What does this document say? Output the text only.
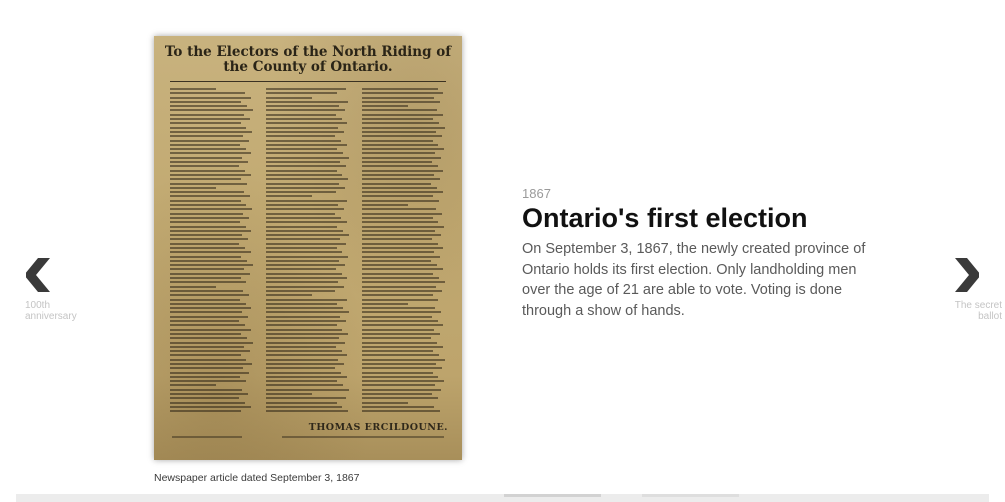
100th anniversary
To the Electors of the North Riding of the County of Ontario.
THOMAS ERCILDOUNE.
Newspaper article dated September 3, 1867
1867
Ontario's first election
On September 3, 1867, the newly created province of Ontario holds its first election. Only landholding men over the age of 21 are able to vote. Voting is done through a show of hands.	The secret ballot
